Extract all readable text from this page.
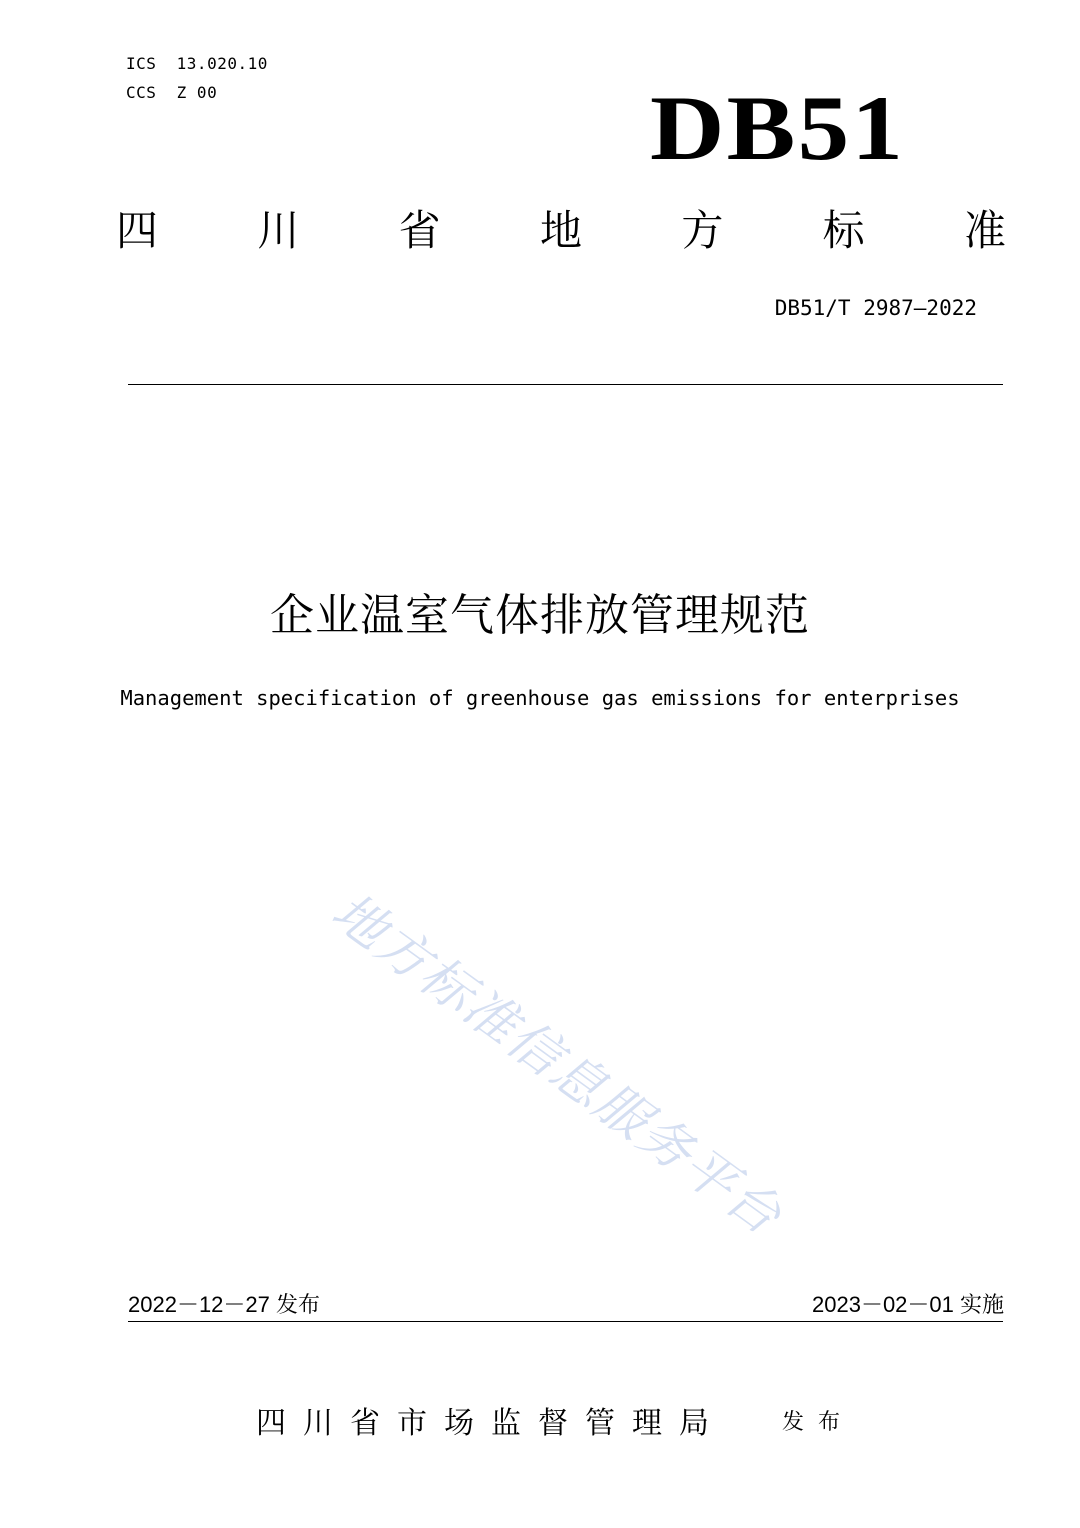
ICS  13.020.10
CCS  Z 00	DB51
四 川 省 地 方 标 准
DB51/T 2987—2022
企业温室气体排放管理规范
Management specification of greenhouse gas emissions for enterprises
地方标准信息服务平台
2022－12－27 发布	2023－02－01 实施
四川省市场监督管理局	发布
